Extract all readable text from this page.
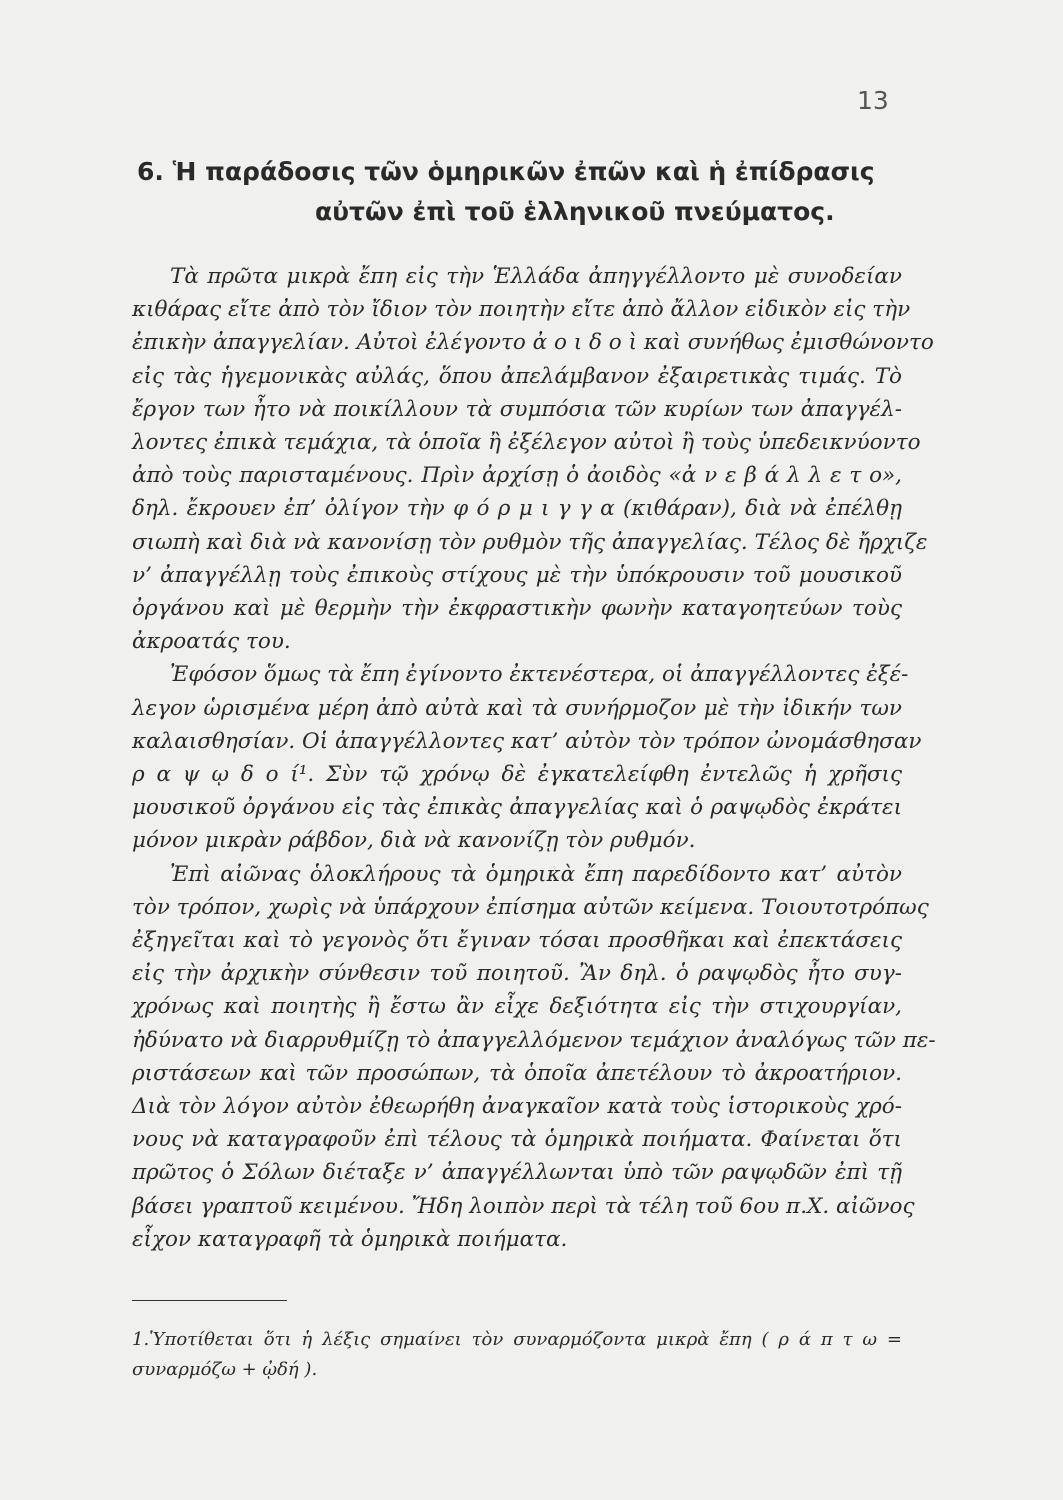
13
6. Ἡ παράδοσις τῶν ὁμηρικῶν ἐπῶν καὶ ἡ ἐπίδρασις
αὐτῶν ἐπὶ τοῦ ἑλληνικοῦ πνεύματος.
Τὰ πρῶτα μικρὰ ἔπη εἰς τὴν Ἑλλάδα ἀπηγγέλλοντο μὲ συνοδείαν
κιθάρας εἴτε ἀπὸ τὸν ἴδιον τὸν ποιητὴν εἴτε ἀπὸ ἄλλον εἰδικὸν εἰς τὴν
ἐπικὴν ἀπαγγελίαν. Αὐτοὶ ἐλέγοντο ἀ ο ι δ ο ὶ καὶ συνήθως ἐμισθώνοντο
εἰς τὰς ἡγεμονικὰς αὐλάς, ὅπου ἀπελάμβανον ἐξαιρετικὰς τιμάς. Τὸ
ἔργον των ἦτο νὰ ποικίλλουν τὰ συμπόσια τῶν κυρίων των ἀπαγγέλ-
λοντες ἐπικὰ τεμάχια, τὰ ὁποῖα ἢ ἐξέλεγον αὐτοὶ ἢ τοὺς ὑπεδεικνύοντο
ἀπὸ τοὺς παρισταμένους. Πρὶν ἀρχίσῃ ὁ ἀοιδὸς «ἀ ν ε β ά λ λ ε τ ο»,
δηλ. ἔκρουεν ἐπ’ ὀλίγον τὴν φ ό ρ μ ι γ γ α (κιθάραν), διὰ νὰ ἐπέλθῃ
σιωπὴ καὶ διὰ νὰ κανονίσῃ τὸν ρυθμὸν τῆς ἀπαγγελίας. Τέλος δὲ ἤρχιζε
ν’ ἀπαγγέλλῃ τοὺς ἐπικοὺς στίχους μὲ τὴν ὑπόκρουσιν τοῦ μουσικοῦ
ὀργάνου καὶ μὲ θερμὴν τὴν ἐκφραστικὴν φωνὴν καταγοητεύων τοὺς
ἀκροατάς του.
Ἐφόσον ὅμως τὰ ἔπη ἐγίνοντο ἐκτενέστερα, οἱ ἀπαγγέλλοντες ἐξέ-
λεγον ὡρισμένα μέρη ἀπὸ αὐτὰ καὶ τὰ συνήρμοζον μὲ τὴν ἰδικήν των
καλαισθησίαν. Οἱ ἀπαγγέλλοντες κατ’ αὐτὸν τὸν τρόπον ὠνομάσθησαν
ρ α ψ ῳ δ ο ί¹. Σὺν τῷ χρόνῳ δὲ ἐγκατελείφθη ἐντελῶς ἡ χρῆσις
μουσικοῦ ὀργάνου εἰς τὰς ἐπικὰς ἀπαγγελίας καὶ ὁ ραψῳδὸς ἐκράτει
μόνον μικρὰν ράβδον, διὰ νὰ κανονίζῃ τὸν ρυθμόν.
Ἐπὶ αἰῶνας ὁλοκλήρους τὰ ὁμηρικὰ ἔπη παρεδίδοντο κατ’ αὐτὸν
τὸν τρόπον, χωρὶς νὰ ὑπάρχουν ἐπίσημα αὐτῶν κείμενα. Τοιουτοτρόπως
ἐξηγεῖται καὶ τὸ γεγονὸς ὅτι ἔγιναν τόσαι προσθῆκαι καὶ ἐπεκτάσεις
εἰς τὴν ἀρχικὴν σύνθεσιν τοῦ ποιητοῦ. Ἂν δηλ. ὁ ραψῳδὸς ἦτο συγ-
χρόνως καὶ ποιητὴς ἢ ἔστω ἂν εἶχε δεξιότητα εἰς τὴν στιχουργίαν,
ἠδύνατο νὰ διαρρυθμίζῃ τὸ ἀπαγγελλόμενον τεμάχιον ἀναλόγως τῶν πε-
ριστάσεων καὶ τῶν προσώπων, τὰ ὁποῖα ἀπετέλουν τὸ ἀκροατήριον.
Διὰ τὸν λόγον αὐτὸν ἐθεωρήθη ἀναγκαῖον κατὰ τοὺς ἱστορικοὺς χρό-
νους νὰ καταγραφοῦν ἐπὶ τέλους τὰ ὁμηρικὰ ποιήματα. Φαίνεται ὅτι
πρῶτος ὁ Σόλων διέταξε ν’ ἀπαγγέλλωνται ὑπὸ τῶν ραψῳδῶν ἐπὶ τῇ
βάσει γραπτοῦ κειμένου. Ἤδη λοιπὸν περὶ τὰ τέλη τοῦ 6ου π.Χ. αἰῶνος
εἶχον καταγραφῆ τὰ ὁμηρικὰ ποιήματα.
1.Ὑποτίθεται ὅτι ἡ λέξις σημαίνει τὸν συναρμόζοντα μικρὰ ἔπη ( ρ ά π τ ω =
συναρμόζω + ᾠδή ).
